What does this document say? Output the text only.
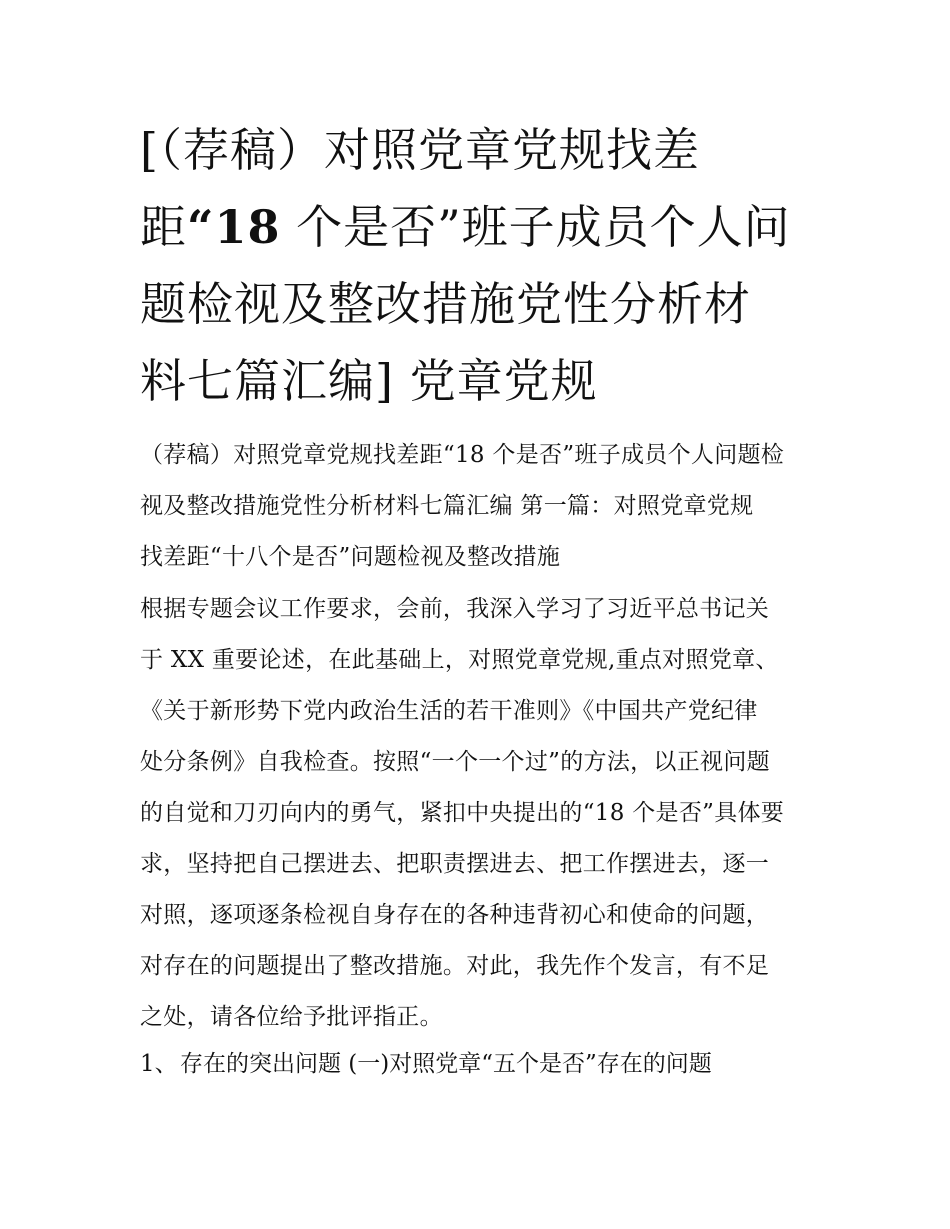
[（荐稿）对照党章党规找差
距“18 个是否”班子成员个人问
题检视及整改措施党性分析材
料七篇汇编] 党章党规
（荐稿）对照党章党规找差距“18 个是否”班子成员个人问题检
视及整改措施党性分析材料七篇汇编 第一篇：对照党章党规
找差距“十八个是否”问题检视及整改措施
根据专题会议工作要求，会前，我深入学习了习近平总书记关
于 XX 重要论述，在此基础上，对照党章党规,重点对照党章、
《关于新形势下党内政治生活的若干准则》《中国共产党纪律
处分条例》自我检查。按照“一个一个过”的方法，以正视问题
的自觉和刀刃向内的勇气，紧扣中央提出的“18 个是否”具体要
求，坚持把自己摆进去、把职责摆进去、把工作摆进去，逐一
对照，逐项逐条检视自身存在的各种违背初心和使命的问题，
对存在的问题提出了整改措施。对此，我先作个发言，有不足
之处，请各位给予批评指正。
1、 存在的突出问题 (一)对照党章“五个是否”存在的问题
